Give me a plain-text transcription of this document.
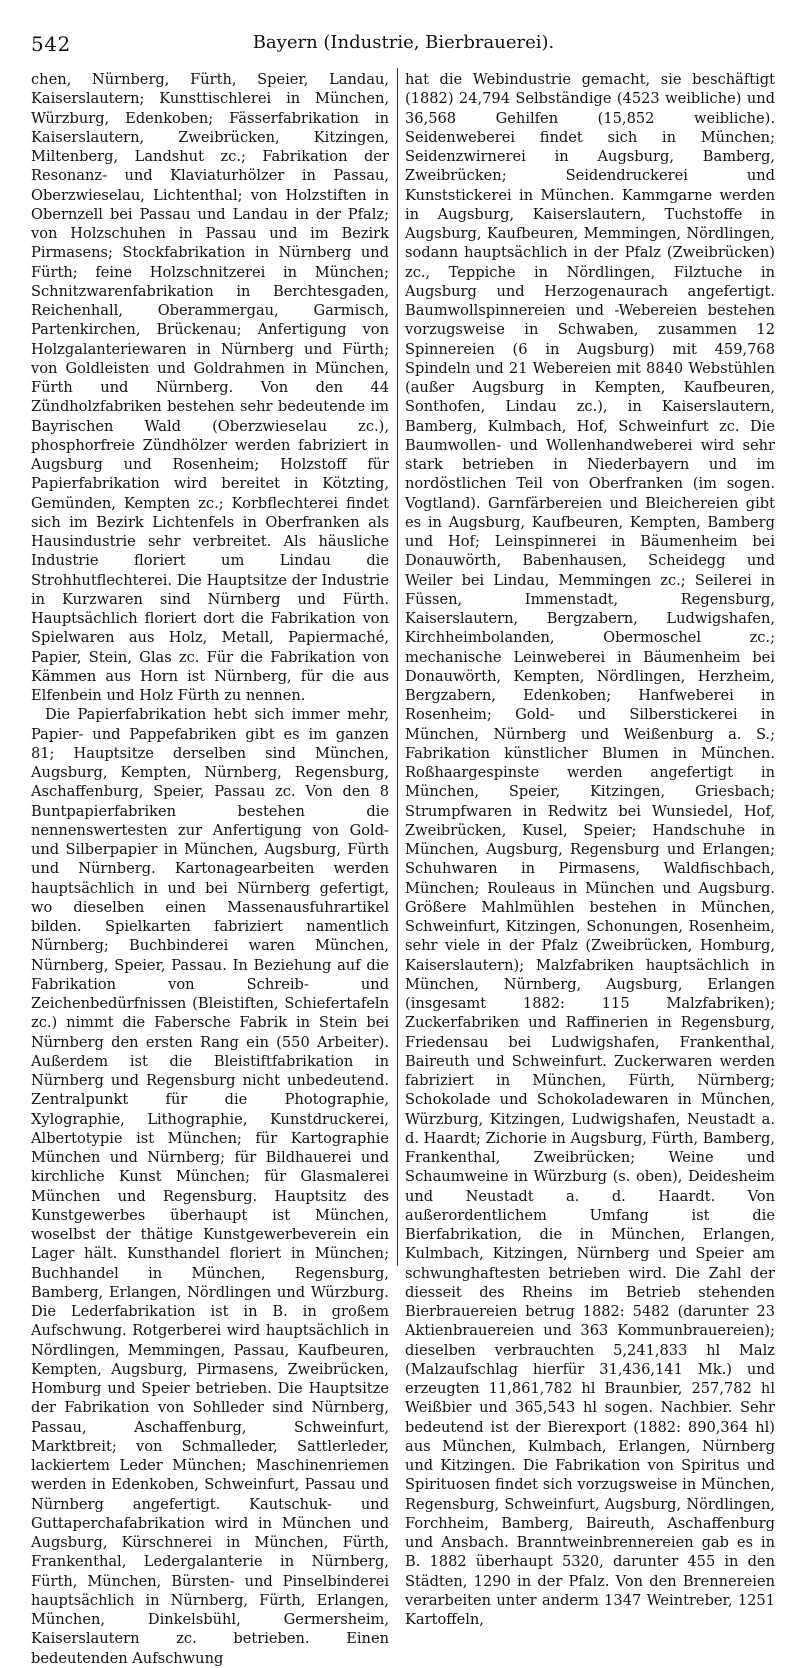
542	Bayern (Industrie, Bierbrauerei).

chen, Nürnberg, Fürth, Speier, Landau, Kaiserslautern; Kunsttischlerei in München, Würzburg, Edenkoben; Fässerfabrikation in Kaiserslautern, Zweibrücken, Kitzingen, Miltenberg, Landshut zc.; Fabrikation der Resonanz- und Klaviaturhölzer in Passau, Oberzwieselau, Lichtenthal; von Holzstiften in Obernzell bei Passau und Landau in der Pfalz; von Holzschuhen in Passau und im Bezirk Pirmasens; Stockfabrikation in Nürnberg und Fürth; feine Holzschnitzerei in München; Schnitzwarenfabrikation in Berchtesgaden, Reichenhall, Oberammergau, Garmisch, Partenkirchen, Brückenau; Anfertigung von Holzgalanteriewaren in Nürnberg und Fürth; von Goldleisten und Goldrahmen in München, Fürth und Nürnberg. Von den 44 Zündholzfabriken bestehen sehr bedeutende im Bayrischen Wald (Oberzwieselau zc.), phosphorfreie Zündhölzer werden fabriziert in Augsburg und Rosenheim; Holzstoff für Papierfabrikation wird bereitet in Kötzting, Gemünden, Kempten zc.; Korbflechterei findet sich im Bezirk Lichtenfels in Oberfranken als Hausindustrie sehr verbreitet. Als häusliche Industrie floriert um Lindau die Strohhutflechterei. Die Hauptsitze der Industrie in Kurzwaren sind Nürnberg und Fürth. Hauptsächlich floriert dort die Fabrikation von Spielwaren aus Holz, Metall, Papiermaché, Papier, Stein, Glas zc. Für die Fabrikation von Kämmen aus Horn ist Nürnberg, für die aus Elfenbein und Holz Fürth zu nennen.

Die Papierfabrikation hebt sich immer mehr, Papier- und Pappefabriken gibt es im ganzen 81; Hauptsitze derselben sind München, Augsburg, Kempten, Nürnberg, Regensburg, Aschaffenburg, Speier, Passau zc. Von den 8 Buntpapierfabriken bestehen die nennenswertesten zur Anfertigung von Gold- und Silberpapier in München, Augsburg, Fürth und Nürnberg. Kartonagearbeiten werden hauptsächlich in und bei Nürnberg gefertigt, wo dieselben einen Massenausfuhrartikel bilden. Spielkarten fabriziert namentlich Nürnberg; Buchbinderei waren München, Nürnberg, Speier, Passau. In Beziehung auf die Fabrikation von Schreib- und Zeichenbedürfnissen (Bleistiften, Schiefertafeln zc.) nimmt die Fabersche Fabrik in Stein bei Nürnberg den ersten Rang ein (550 Arbeiter). Außerdem ist die Bleistiftfabrikation in Nürnberg und Regensburg nicht unbedeutend. Zentralpunkt für die Photographie, Xylographie, Lithographie, Kunstdruckerei, Albertotypie ist München; für Kartographie München und Nürnberg; für Bildhauerei und kirchliche Kunst München; für Glasmalerei München und Regensburg. Hauptsitz des Kunstgewerbes überhaupt ist München, woselbst der thätige Kunstgewerbeverein ein Lager hält. Kunsthandel floriert in München; Buchhandel in München, Regensburg, Bamberg, Erlangen, Nördlingen und Würzburg. Die Lederfabrikation ist in B. in großem Aufschwung. Rotgerberei wird hauptsächlich in Nördlingen, Memmingen, Passau, Kaufbeuren, Kempten, Augsburg, Pirmasens, Zweibrücken, Homburg und Speier betrieben. Die Hauptsitze der Fabrikation von Sohlleder sind Nürnberg, Passau, Aschaffenburg, Schweinfurt, Marktbreit; von Schmalleder, Sattlerleder, lackiertem Leder München; Maschinenriemen werden in Edenkoben, Schweinfurt, Passau und Nürnberg angefertigt. Kautschuk- und Guttaperchafabrikation wird in München und Augsburg, Kürschnerei in München, Fürth, Frankenthal, Ledergalanterie in Nürnberg, Fürth, München, Bürsten- und Pinselbinderei hauptsächlich in Nürnberg, Fürth, Erlangen, München, Dinkelsbühl, Germersheim, Kaiserslautern zc. betrieben. Einen bedeutenden Aufschwung

hat die Webindustrie gemacht, sie beschäftigt (1882) 24,794 Selbständige (4523 weibliche) und 36,568 Gehilfen (15,852 weibliche). Seidenweberei findet sich in München; Seidenzwirnerei in Augsburg, Bamberg, Zweibrücken; Seidendruckerei und Kunststickerei in München. Kammgarne werden in Augsburg, Kaiserslautern, Tuchstoffe in Augsburg, Kaufbeuren, Memmingen, Nördlingen, sodann hauptsächlich in der Pfalz (Zweibrücken) zc., Teppiche in Nördlingen, Filztuche in Augsburg und Herzogenaurach angefertigt. Baumwollspinnereien und -Webereien bestehen vorzugsweise in Schwaben, zusammen 12 Spinnereien (6 in Augsburg) mit 459,768 Spindeln und 21 Webereien mit 8840 Webstühlen (außer Augsburg in Kempten, Kaufbeuren, Sonthofen, Lindau zc.), in Kaiserslautern, Bamberg, Kulmbach, Hof, Schweinfurt zc. Die Baumwollen- und Wollenhandweberei wird sehr stark betrieben in Niederbayern und im nordöstlichen Teil von Oberfranken (im sogen. Vogtland). Garnfärbereien und Bleichereien gibt es in Augsburg, Kaufbeuren, Kempten, Bamberg und Hof; Leinspinnerei in Bäumenheim bei Donauwörth, Babenhausen, Scheidegg und Weiler bei Lindau, Memmingen zc.; Seilerei in Füssen, Immenstadt, Regensburg, Kaiserslautern, Bergzabern, Ludwigshafen, Kirchheimbolanden, Obermoschel zc.; mechanische Leinweberei in Bäumenheim bei Donauwörth, Kempten, Nördlingen, Herzheim, Bergzabern, Edenkoben; Hanfweberei in Rosenheim; Gold- und Silberstickerei in München, Nürnberg und Weißenburg a. S.; Fabrikation künstlicher Blumen in München. Roßhaargespinste werden angefertigt in München, Speier, Kitzingen, Griesbach; Strumpfwaren in Redwitz bei Wunsiedel, Hof, Zweibrücken, Kusel, Speier; Handschuhe in München, Augsburg, Regensburg und Erlangen; Schuhwaren in Pirmasens, Waldfischbach, München; Rouleaus in München und Augsburg. Größere Mahlmühlen bestehen in München, Schweinfurt, Kitzingen, Schonungen, Rosenheim, sehr viele in der Pfalz (Zweibrücken, Homburg, Kaiserslautern); Malzfabriken hauptsächlich in München, Nürnberg, Augsburg, Erlangen (insgesamt 1882: 115 Malzfabriken); Zuckerfabriken und Raffinerien in Regensburg, Friedensau bei Ludwigshafen, Frankenthal, Baireuth und Schweinfurt. Zuckerwaren werden fabriziert in München, Fürth, Nürnberg; Schokolade und Schokoladewaren in München, Würzburg, Kitzingen, Ludwigshafen, Neustadt a. d. Haardt; Zichorie in Augsburg, Fürth, Bamberg, Frankenthal, Zweibrücken; Weine und Schaumweine in Würzburg (s. oben), Deidesheim und Neustadt a. d. Haardt. Von außerordentlichem Umfang ist die Bierfabrikation, die in München, Erlangen, Kulmbach, Kitzingen, Nürnberg und Speier am schwunghaftesten betrieben wird. Die Zahl der diesseit des Rheins im Betrieb stehenden Bierbrauereien betrug 1882: 5482 (darunter 23 Aktienbrauereien und 363 Kommunbrauereien); dieselben verbrauchten 5,241,833 hl Malz (Malzaufschlag hierfür 31,436,141 Mk.) und erzeugten 11,861,782 hl Braunbier, 257,782 hl Weißbier und 365,543 hl sogen. Nachbier. Sehr bedeutend ist der Bierexport (1882: 890,364 hl) aus München, Kulmbach, Erlangen, Nürnberg und Kitzingen. Die Fabrikation von Spiritus und Spirituosen findet sich vorzugsweise in München, Regensburg, Schweinfurt, Augsburg, Nördlingen, Forchheim, Bamberg, Baireuth, Aschaffenburg und Ansbach. Branntweinbrennereien gab es in B. 1882 überhaupt 5320, darunter 455 in den Städten, 1290 in der Pfalz. Von den Brennereien verarbeiten unter anderm 1347 Weintreber, 1251 Kartoffeln,
